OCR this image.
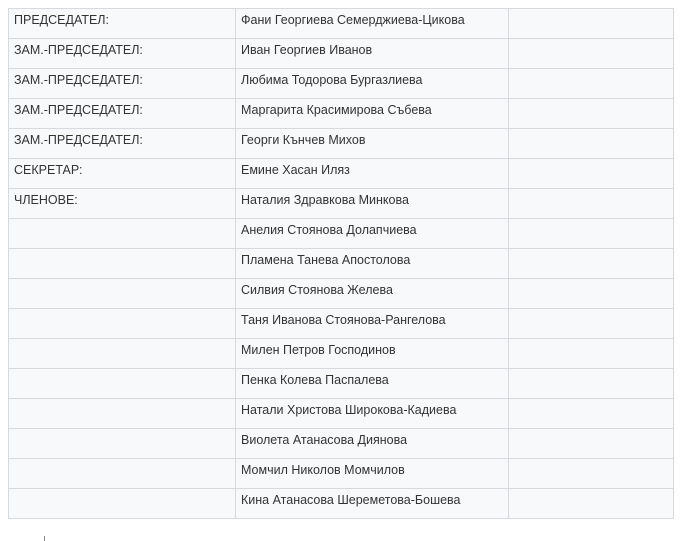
ПРЕДСЕДАТЕЛ:	Фани Георгиева Семерджиева-Цикова	
ЗАМ.-ПРЕДСЕДАТЕЛ:	Иван Георгиев Иванов	
ЗАМ.-ПРЕДСЕДАТЕЛ:	Любима Тодорова Бургазлиева	
ЗАМ.-ПРЕДСЕДАТЕЛ:	Маргарита Красимирова Събева	
ЗАМ.-ПРЕДСЕДАТЕЛ:	Георги Кънчев Михов	
СЕКРЕТАР:	Емине Хасан Иляз	
ЧЛЕНОВЕ:	Наталия Здравкова Минкова	
	Анелия Стоянова Долапчиева	
	Пламена Танева Апостолова	
	Силвия Стоянова Желева	
	Таня Иванова Стоянова-Рангелова	
	Милен Петров Господинов	
	Пенка Колева Паспалева	
	Натали Христова Широкова-Кадиева	
	Виолета Атанасова Диянова	
	Момчил Николов Момчилов	
	Кина Атанасова Шереметова-Бошева	
